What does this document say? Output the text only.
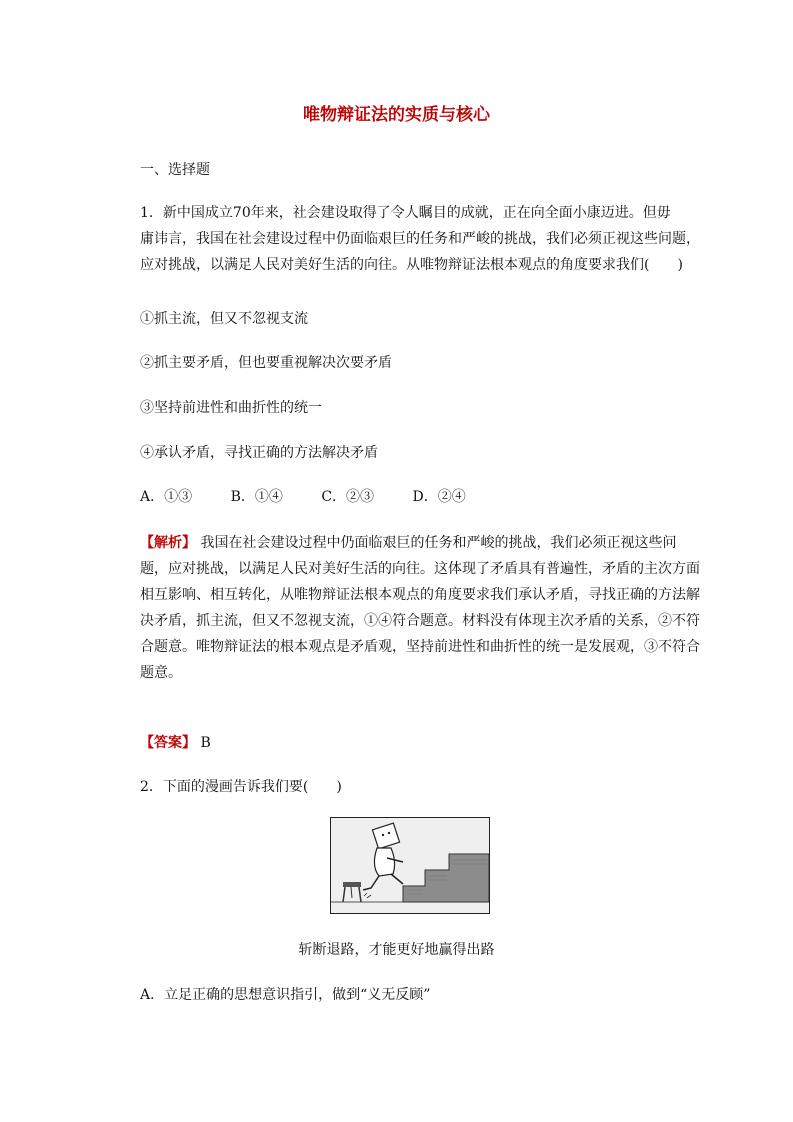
唯物辩证法的实质与核心
一、选择题

1．新中国成立70年来，社会建设取得了令人瞩目的成就，正在向全面小康迈进。但毋

庸讳言，我国在社会建设过程中仍面临艰巨的任务和严峻的挑战，我们必须正视这些问题，

应对挑战，以满足人民对美好生活的向往。从唯物辩证法根本观点的角度要求我们(　　)

①抓主流，但又不忽视支流
②抓主要矛盾，但也要重视解决次要矛盾
③坚持前进性和曲折性的统一
④承认矛盾，寻找正确的方法解决矛盾
A．①③	B．①④	C．②③	D．②④

【解析】 我国在社会建设过程中仍面临艰巨的任务和严峻的挑战，我们必须正视这些问

题，应对挑战，以满足人民对美好生活的向往。这体现了矛盾具有普遍性，矛盾的主次方面

相互影响、相互转化，从唯物辩证法根本观点的角度要求我们承认矛盾，寻找正确的方法解

决矛盾，抓主流，但又不忽视支流，①④符合题意。材料没有体现主次矛盾的关系，②不符

合题意。唯物辩证法的根本观点是矛盾观，坚持前进性和曲折性的统一是发展观，③不符合

题意。

【答案】 B
2．下面的漫画告诉我们要(　　)
斩断退路，才能更好地赢得出路
A．立足正确的思想意识指引，做到“义无反顾”
